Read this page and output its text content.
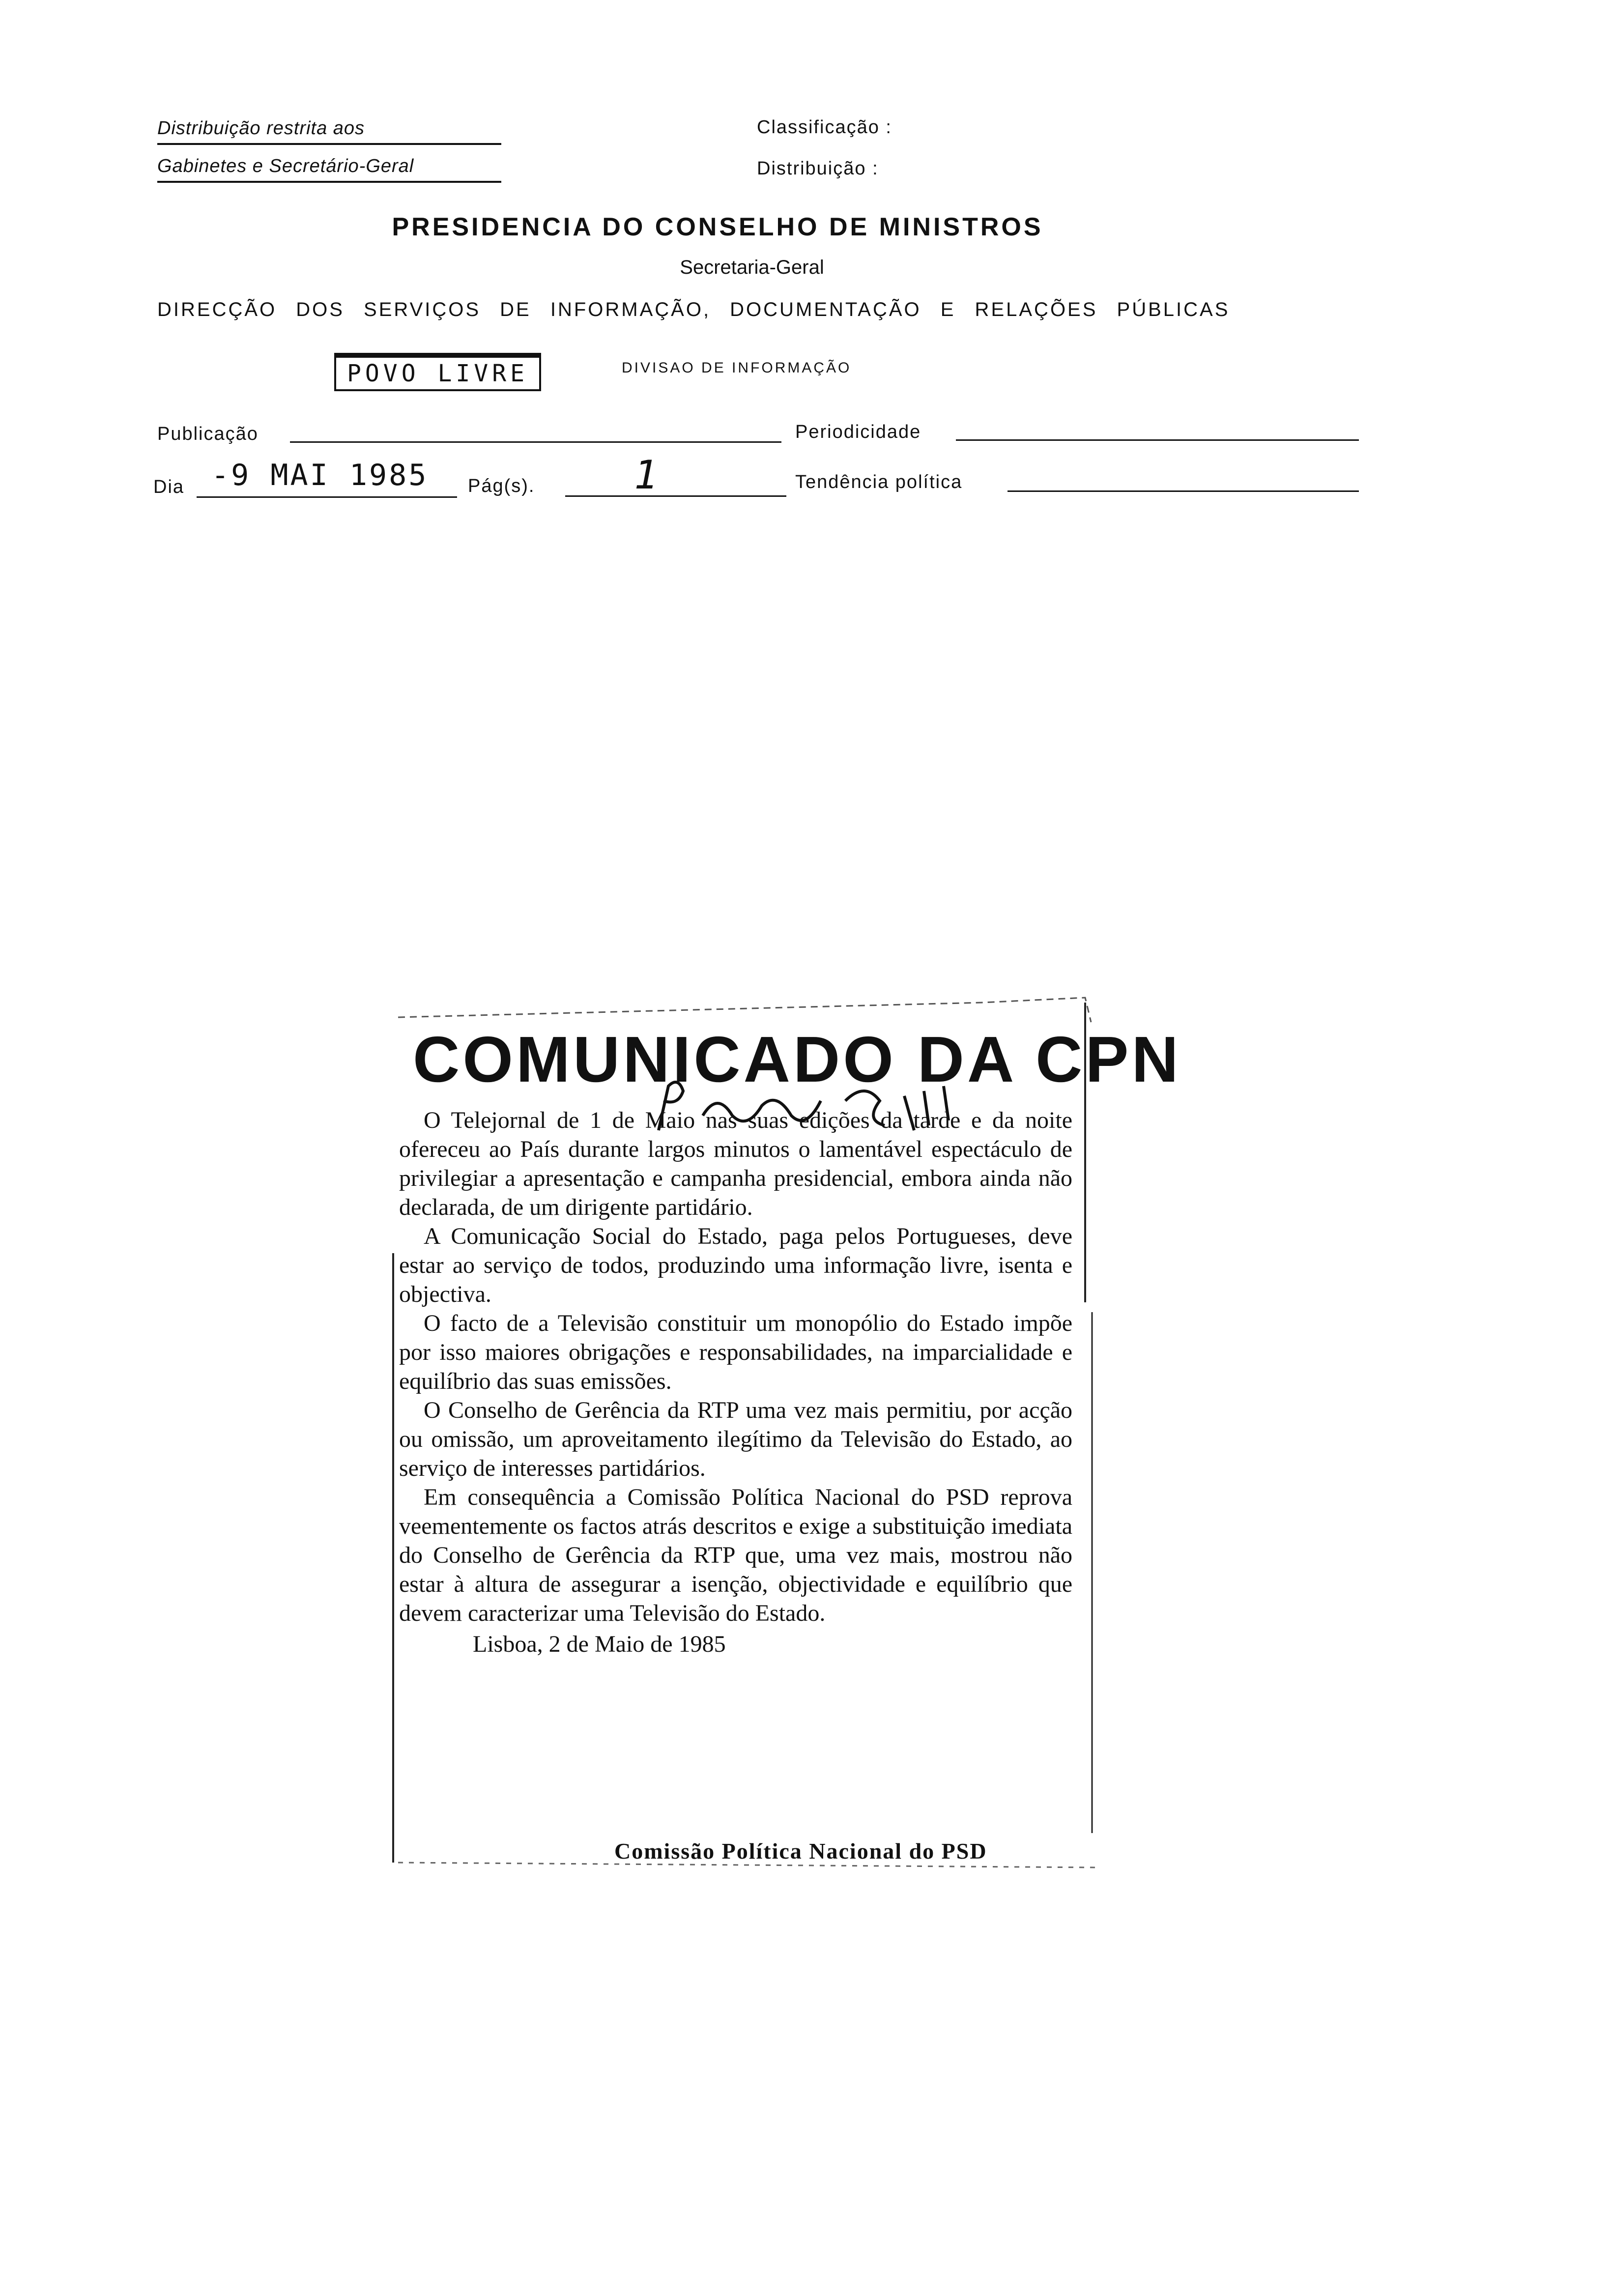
Distribuição restrita aos
Gabinetes e Secretário-Geral
Classificação :
Distribuição :
PRESIDENCIA DO CONSELHO DE MINISTROS
Secretaria-Geral
DIRECÇÃO DOS SERVIÇOS DE INFORMAÇÃO, DOCUMENTAÇÃO E RELAÇÕES PÚBLICAS
POVO LIVRE	DIVISAO DE INFORMAÇÃO
Publicação	Periodicidade
Dia -9 MAI 1985 Pág(s).	1	Tendência política
COMUNICADO DA CPN

O Telejornal de 1 de Maio nas suas edições da tarde e da noite ofereceu ao País durante largos minutos o lamentável espectáculo de privilegiar a apresentação e campanha presidencial, embora ainda não declarada, de um dirigente partidário.

A Comunicação Social do Estado, paga pelos Portugueses, deve estar ao serviço de todos, produzindo uma informação livre, isenta e objectiva.

O facto de a Televisão constituir um monopólio do Estado impõe por isso maiores obrigações e responsabilidades, na imparcialidade e equilíbrio das suas emissões.

O Conselho de Gerência da RTP uma vez mais permitiu, por acção ou omissão, um aproveitamento ilegítimo da Televisão do Estado, ao serviço de interesses partidários.

Em consequência a Comissão Política Nacional do PSD reprova veementemente os factos atrás descritos e exige a substituição imediata do Conselho de Gerência da RTP que, uma vez mais, mostrou não estar à altura de assegurar a isenção, objectividade e equilíbrio que devem caracterizar uma Televisão do Estado.

Lisboa, 2 de Maio de 1985

Comissão Política Nacional do PSD
